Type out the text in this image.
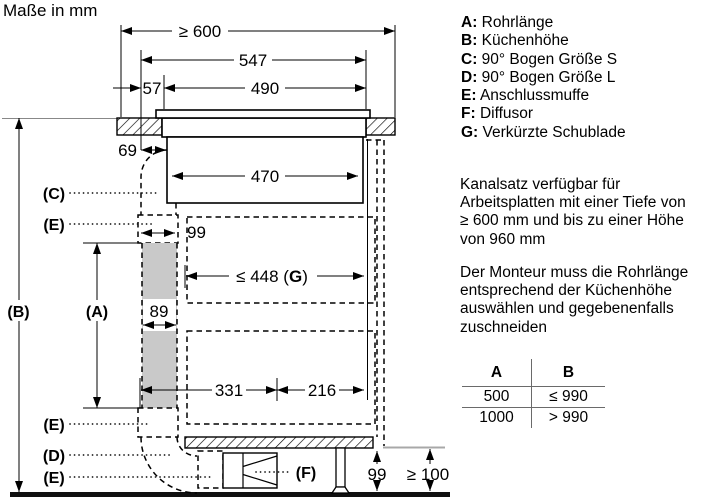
Maße in mm
99
89
≥ 600
547
57	490
69
470
≤ 448 (G)
331	216
(A)
(B)
99 ≥ 100
(C)
(E)
(E)
(D)
(E)	(F)
A: Rohrlänge
B: Küchenhöhe
C: 90° Bogen Größe S
D: 90° Bogen Größe L
E: Anschlussmuffe
F: Diffusor
G: Verkürzte Schublade
Kanalsatz verfügbar für
Arbeitsplatten mit einer Tiefe von
≥ 600 mm und bis zu einer Höhe
von 960 mm
Der Monteur muss die Rohrlänge
entsprechend der Küchenhöhe
auswählen und gegebenenfalls
zuschneiden
A	B
500	≤ 990
1000	> 990
